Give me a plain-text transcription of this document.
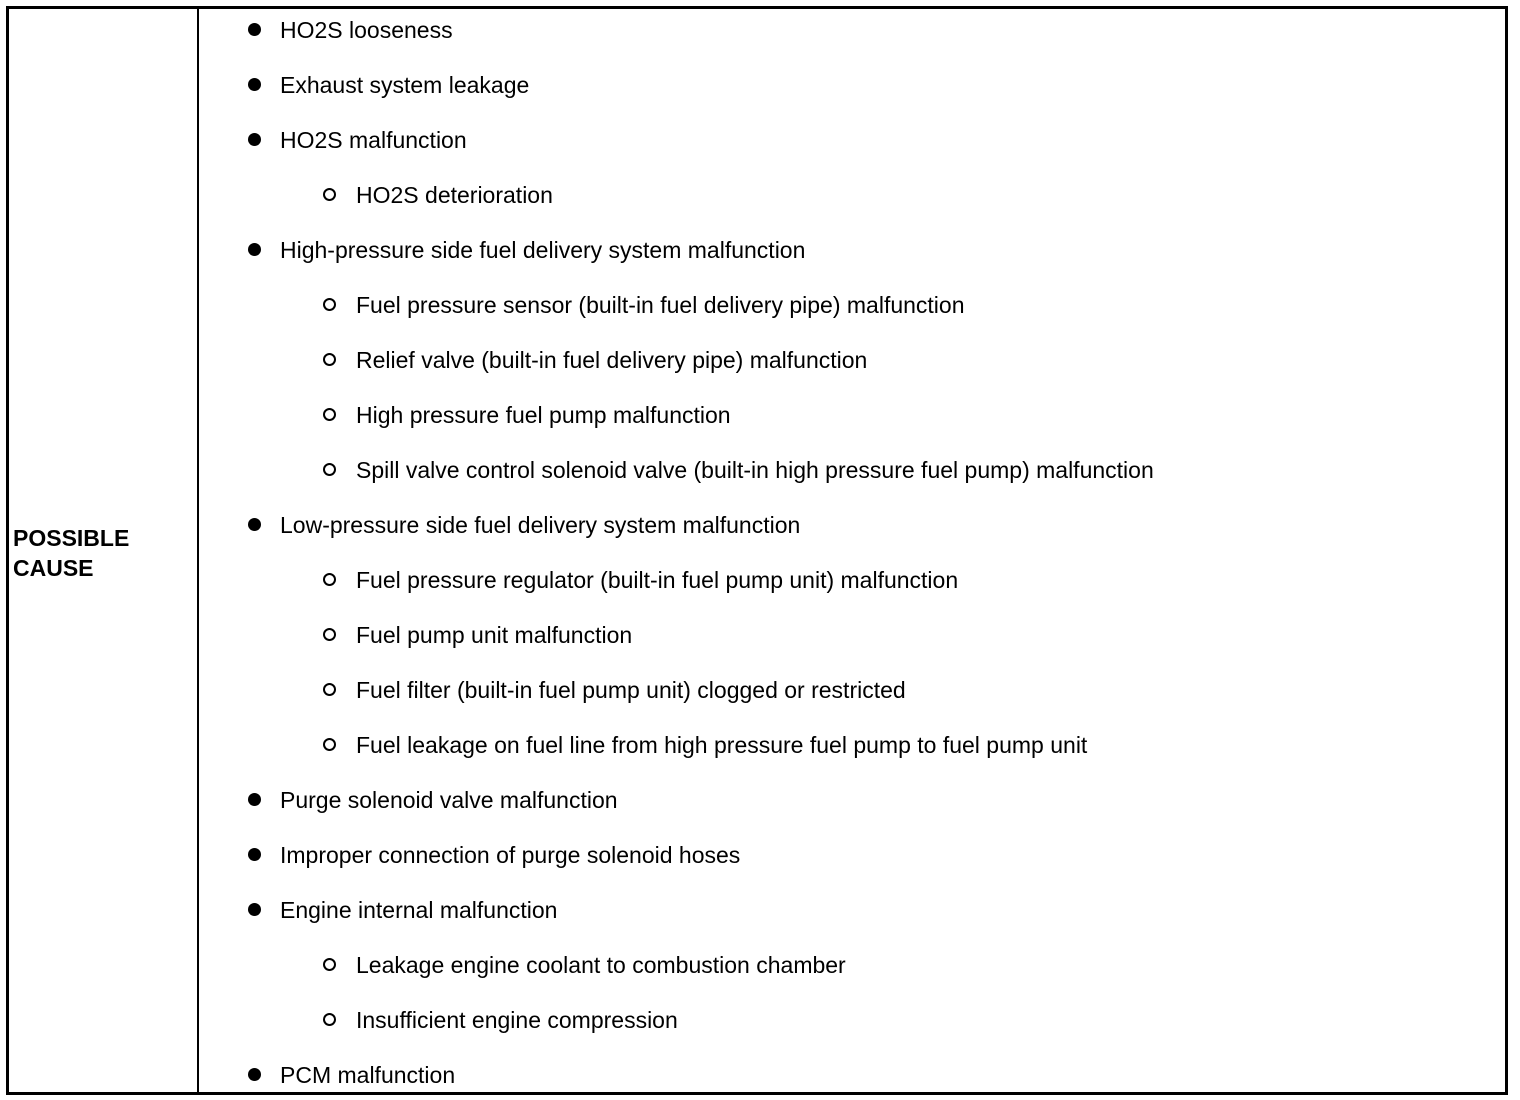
POSSIBLE
CAUSE
HO2S looseness
Exhaust system leakage
HO2S malfunction
HO2S deterioration
High-pressure side fuel delivery system malfunction
Fuel pressure sensor (built-in fuel delivery pipe) malfunction
Relief valve (built-in fuel delivery pipe) malfunction
High pressure fuel pump malfunction
Spill valve control solenoid valve (built-in high pressure fuel pump) malfunction
Low-pressure side fuel delivery system malfunction
Fuel pressure regulator (built-in fuel pump unit) malfunction
Fuel pump unit malfunction
Fuel filter (built-in fuel pump unit) clogged or restricted
Fuel leakage on fuel line from high pressure fuel pump to fuel pump unit
Purge solenoid valve malfunction
Improper connection of purge solenoid hoses
Engine internal malfunction
Leakage engine coolant to combustion chamber
Insufficient engine compression
PCM malfunction
